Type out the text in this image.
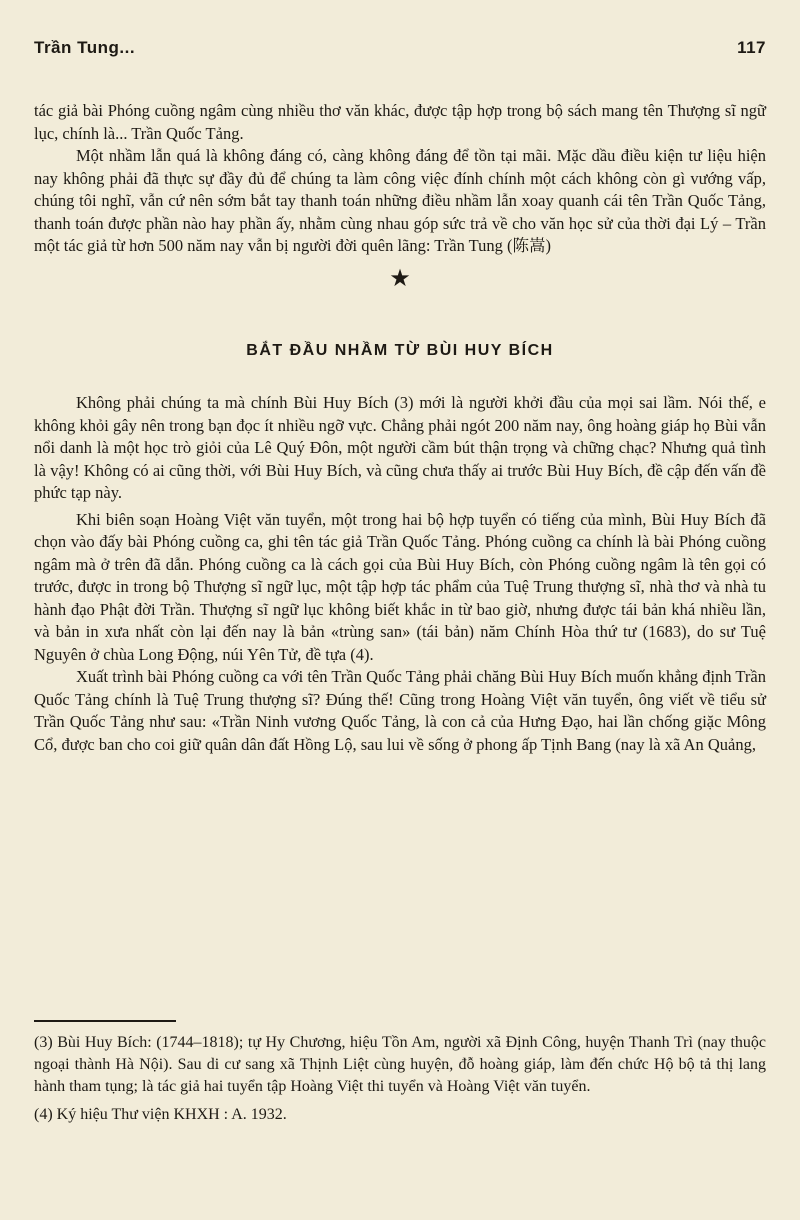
Trần Tung...	117

tác giả bài Phóng cuồng ngâm cùng nhiều thơ văn khác, được tập hợp trong bộ sách mang tên Thượng sĩ ngữ lục, chính là... Trần Quốc Tảng.

Một nhầm lẫn quá là không đáng có, càng không đáng để tồn tại mãi. Mặc dầu điều kiện tư liệu hiện nay không phải đã thực sự đầy đủ để chúng ta làm công việc đính chính một cách không còn gì vướng vấp, chúng tôi nghĩ, vẫn cứ nên sớm bắt tay thanh toán những điều nhầm lẫn xoay quanh cái tên Trần Quốc Tảng, thanh toán được phần nào hay phần ấy, nhằm cùng nhau góp sức trả về cho văn học sử của thời đại Lý – Trần một tác giả từ hơn 500 năm nay vẫn bị người đời quên lãng: Trần Tung (陈嵩)

★
BẮT ĐẦU NHẦM TỪ BÙI HUY BÍCH

Không phải chúng ta mà chính Bùi Huy Bích (3) mới là người khởi đầu của mọi sai lầm. Nói thế, e không khỏi gây nên trong bạn đọc ít nhiều ngỡ vực. Chẳng phải ngót 200 năm nay, ông hoàng giáp họ Bùi vẫn nổi danh là một học trò giỏi của Lê Quý Đôn, một người cầm bút thận trọng và chững chạc? Nhưng quả tình là vậy! Không có ai cũng thời, với Bùi Huy Bích, và cũng chưa thấy ai trước Bùi Huy Bích, đề cập đến vấn đề phức tạp này.

Khi biên soạn Hoàng Việt văn tuyển, một trong hai bộ hợp tuyển có tiếng của mình, Bùi Huy Bích đã chọn vào đấy bài Phóng cuồng ca, ghi tên tác giả Trần Quốc Tảng. Phóng cuồng ca chính là bài Phóng cuồng ngâm mà ở trên đã dẫn. Phóng cuồng ca là cách gọi của Bùi Huy Bích, còn Phóng cuồng ngâm là tên gọi có trước, được in trong bộ Thượng sĩ ngữ lục, một tập hợp tác phẩm của Tuệ Trung thượng sĩ, nhà thơ và nhà tu hành đạo Phật đời Trần. Thượng sĩ ngữ lục không biết khắc in từ bao giờ, nhưng được tái bản khá nhiều lần, và bản in xưa nhất còn lại đến nay là bản «trùng san» (tái bản) năm Chính Hòa thứ tư (1683), do sư Tuệ Nguyên ở chùa Long Động, núi Yên Tử, đề tựa (4).

Xuất trình bài Phóng cuồng ca với tên Trần Quốc Tảng phải chăng Bùi Huy Bích muốn khẳng định Trần Quốc Tảng chính là Tuệ Trung thượng sĩ? Đúng thế! Cũng trong Hoàng Việt văn tuyển, ông viết về tiểu sử Trần Quốc Tảng như sau: «Trần Ninh vương Quốc Tảng, là con cả của Hưng Đạo, hai lần chống giặc Mông Cổ, được ban cho coi giữ quân dân đất Hồng Lộ, sau lui về sống ở phong ấp Tịnh Bang (nay là xã An Quảng,

(3) Bùi Huy Bích: (1744–1818); tự Hy Chương, hiệu Tồn Am, người xã Định Công, huyện Thanh Trì (nay thuộc ngoại thành Hà Nội). Sau di cư sang xã Thịnh Liệt cùng huyện, đỗ hoàng giáp, làm đến chức Hộ bộ tả thị lang hành tham tụng; là tác giả hai tuyển tập Hoàng Việt thi tuyển và Hoàng Việt văn tuyển.

(4) Ký hiệu Thư viện KHXH : A. 1932.
